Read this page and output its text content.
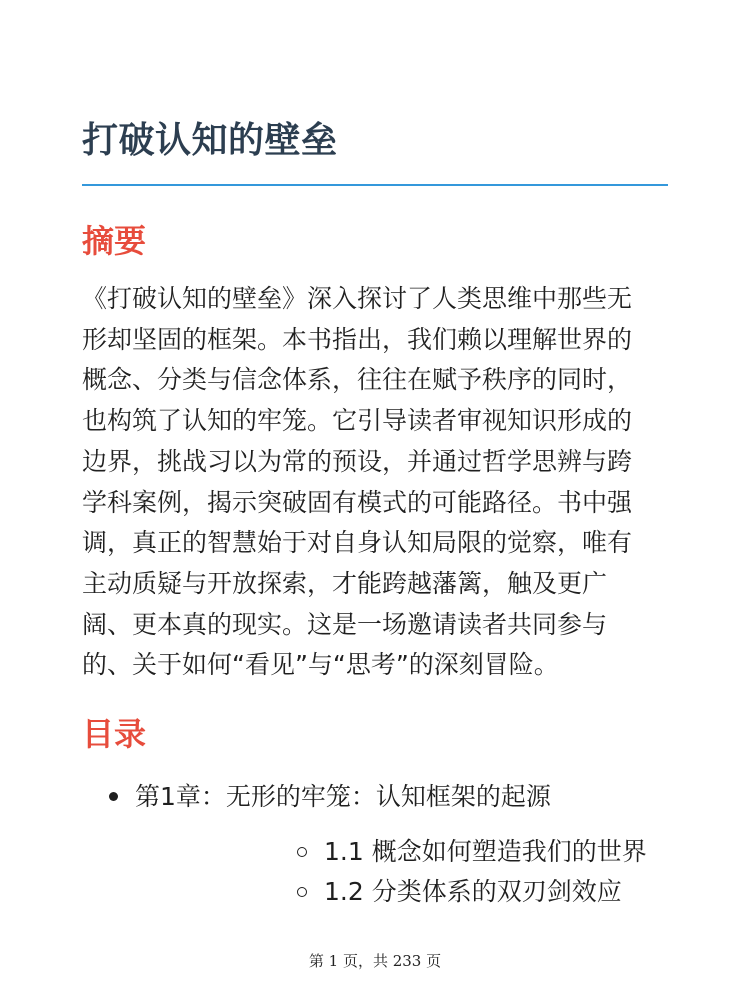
打破认知的壁垒
摘要

《打破认知的壁垒》深入探讨了人类思维中那些无
形却坚固的框架。本书指出，我们赖以理解世界的
概念、分类与信念体系，往往在赋予秩序的同时，
也构筑了认知的牢笼。它引导读者审视知识形成的
边界，挑战习以为常的预设，并通过哲学思辨与跨
学科案例，揭示突破固有模式的可能路径。书中强
调，真正的智慧始于对自身认知局限的觉察，唯有
主动质疑与开放探索，才能跨越藩篱，触及更广
阔、更本真的现实。这是一场邀请读者共同参与
的、关于如何“看见”与“思考”的深刻冒险。

目录
第1章：无形的牢笼：认知框架的起源
1.1 概念如何塑造我们的世界
1.2 分类体系的双刃剑效应
第 1 页，共 233 页
